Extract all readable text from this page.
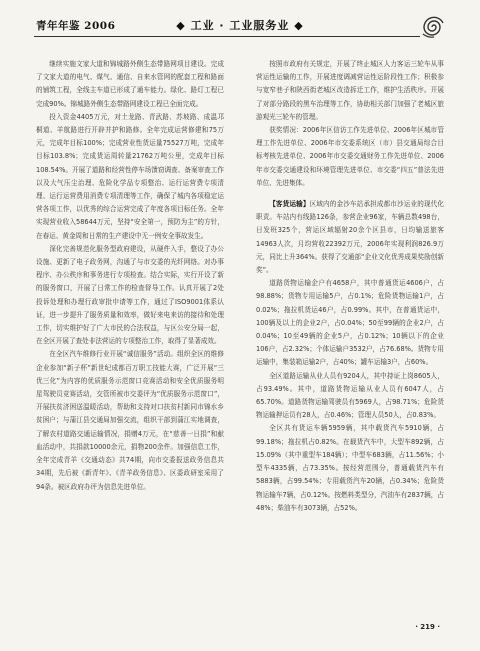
青年年鉴 2006	◆ 工业 · 工业服务业 ◆

继续实施文家大道和锦城路外侧生态带路网项目建设。完成了文家大道的电气、煤气、通信、自来水管网的配套工程和路面的铺筑工程，全线主车道已形成了通车能力。绿化、路灯工程已完成90%。锦城路外侧生态带路网建设工程已全面完成。

投入资金4405万元，对土龙路、青武路、苏坡路、成温邛桐道、羊航路进行开辟并护和路修。全年完成运营修建和75万元，完成年目标100%；完成营业性货运量75527万吨，完成年目标103.8%；完成货运周转量21762万吨公里，完成年目标108.54%。开展了道路和经营性停车场馈窃调查、备案审查工作以及大气压尘治理、危险化学品专项整治、运行运营费专项清理、运行运营费用消费专项清理等工作，确保了城内各项稳定运营各项工作，以优秀的综合运营完成了年度各项目标任务。全年实现营业收入58644万元，坚持“安全第一，预防为主”的方针，在春运、黄金周和日常的生产建设中无一例安全事故发生。

深化完善规范化服务型政府建设，从硬件入手，整设了办公设施、更新了电子政务网，沟通了与市交委的光纤网络。对办事程序、办公秩序和事务进行专项检查。结合实际，实行开设了新的服务窗口，开展了日常工作的检查督导工作。认真开展了2处投诉处理和办理行政审批申请等工作，通过了ISO9001体系认证，进一步提升了服务质量和效率，做好来电来访的接待和处理工作，切实维护好了广大市民的合法权益，与区公安分局一起，在全区开展了查处非法营运的专项整治工作，取得了显著成效。

在全区汽车维修行业开展“诚信服务”活动。组织全区的维修企业参加“新子杯”新世纪成都百万职工技能大赛，广泛开展“三优三化”为内容的优质服务示范窗口竞赛活动和安全优质服务明星驾驶员竞赛活动，交管所被市交委评为“优质服务示范窗口”，开展扶贫济困送温暖活动，帮助和支持对口扶贫村新同市锦水乡贫困户；与蒲江县交通局加强交流，组织干部到蒲江实地调查，了解农村道路交通运输情况，捐赠4万元，在“慈善一日捐”和献血活动中，共捐款10000余元，捐物200余件。加强信息工作，全年完成青羊《交通动态》共74期，向市交委报送政务信息共34期，先后被《新青年》、《青羊政务信息》、区委政研室采用了94条。被区政府办评为信息先进单位。

按照市政府有关规定，开展了终止城区人力客运三轮车从事营运性运输的工作，开展进度调减营运性运阶段性工作；积极参与宽窄巷子和陕西街老城区改造拆迁工作，维护生活秩序。开展了对部分路段的黑车治理等工作，协助相关部门加强了老城区旅游观光三轮车的管理。

获奖情况：2006年区信访工作先进单位、2006年区城市管理工作先进单位、2006年市交委系统区（市）县交通局综合目标考核先进单位、2006年市交委交通财务工作先进单位、2006年市交委交通建设和环境管理先进单位、市交委“四五”普法先进单位、先进集体。

【客货运输】区域内的金沙车站承担成都市沙运业的现代化职责。车站内有线路126条，参营企业96家，车辆总数498台，日发班325个，营运区域辐射20余个区县市，日均输送旅客14963人次，月均营收22392万元，2006年实现利润826.9万元，同比上升364%。获得了交通部“企业文化优秀成果奖励创新奖”。

道路货物运输企户有4658户，其中普通货运4606户，占98.88%；货物专用运输5户，占0.1%；危险货物运输1户，占0.02%；拖拉机货运46户，占0.99%。其中，在普通货运中，100辆及以上的企业2户，占0.04%；50至99辆的企业2户，占0.04%；10至49辆的企业5户，占0.12%；10辆以下的企业106户，占2.32%；个体运输户3532户，占76.68%。货物专用运输中，集装箱运输2户，占40%；罐车运输3户，占60%。

全区道路运输从业人员有9204人，其中持证上岗8605人，占93.49%。其中，道路货物运输从业人员有6047人，占65.70%。道路货物运输驾驶员有5969人，占98.71%；危险货物运输押运员有28人，占0.46%；管理人员50人，占0.83%。

全区共有货运车辆5959辆，其中载货汽车5910辆，占99.18%；拖拉机占0.82%。在载货汽车中，大型车892辆，占15.09%（其中重型车184辆）；中型车683辆，占11.56%；小型车4335辆，占73.35%。按经营范围分，普通载货汽车有5883辆，占99.54%；专用载货汽车20辆，占0.34%；危险货物运输车7辆，占0.12%。按燃料类型分，汽油车有2837辆，占48%；柴油车有3073辆，占52%。

· 219 ·
